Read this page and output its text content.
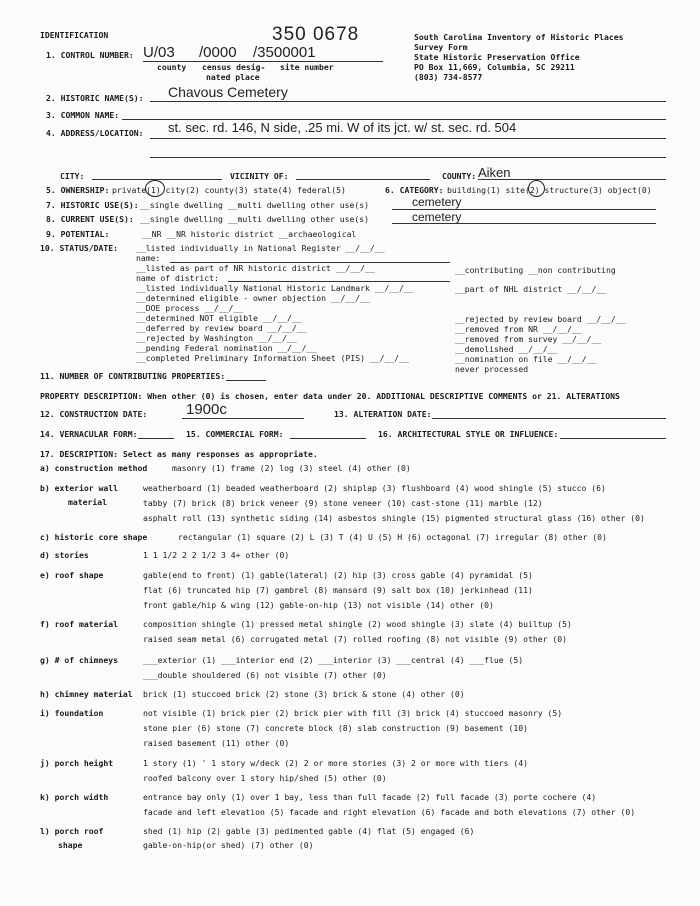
IDENTIFICATION	350 0678	South Carolina Inventory of Historic Places
Survey Form
State Historic Preservation Office
PO Box 11,669, Columbia, SC 29211
(803) 734-8577
1. CONTROL NUMBER: U/03 /0000 /3500001
county census desig-
nated place
site number
2. HISTORIC NAME(S): Chavous Cemetery
3. COMMON NAME:
4. ADDRESS/LOCATION: st. sec. rd. 146, N side, .25 mi. W of its jct. w/ st. sec. rd. 504
CITY:	VICINITY OF:	COUNTY: Aiken
5. OWNERSHIP: private(1) city(2) county(3) state(4) federal(5)	6. CATEGORY: building(1) site(2) structure(3) object(0)
7. HISTORIC USE(S): __single dwelling __multi dwelling other use(s)	cemetery
8. CURRENT USE(S): __single dwelling __multi dwelling other use(s)	cemetery
9. POTENTIAL:	__NR __NR historic district __archaeological
10. STATUS/DATE: __listed individually in National Register __/__/__
name:
__listed as part of NR historic district __/__/__
name of district:
__listed individually National Historic Landmark __/__/__
__determined eligible - owner objection __/__/__
__DOE process __/__/__
__determined NOT eligible __/__/__
__deferred by review board __/__/__
__rejected by Washington __/__/__
__pending Federal nomination __/__/__
__completed Preliminary Information Sheet (PIS) __/__/__
__contributing __non contributing
__part of NHL district __/__/__
__rejected by review board __/__/__
__removed from NR __/__/__
__removed from survey __/__/__
__demolished __/__/__
__nomination on file __/__/__
never processed
11. NUMBER OF CONTRIBUTING PROPERTIES:
PROPERTY DESCRIPTION: When other (0) is chosen, enter data under 20. ADDITIONAL DESCRIPTIVE COMMENTS or 21. ALTERATIONS
12. CONSTRUCTION DATE:	1900c	13. ALTERATION DATE:
14. VERNACULAR FORM:	15. COMMERCIAL FORM:	16. ARCHITECTURAL STYLE OR INFLUENCE:
17. DESCRIPTION: Select as many responses as appropriate.
a) construction method	masonry (1) frame (2) log (3) steel (4) other (0)
b) exterior wall
material
weatherboard (1) beaded weatherboard (2) shiplap (3) flushboard (4) wood shingle (5) stucco (6)
tabby (7) brick (8) brick veneer (9) stone veneer (10) cast-stone (11) marble (12)
asphalt roll (13) synthetic siding (14) asbestos shingle (15) pigmented structural glass (16) other (0)
c) historic core shape	rectangular (1) square (2) L (3) T (4) U (5) H (6) octagonal (7) irregular (8) other (0)
d) stories	1 1 1/2 2 2 1/2 3 4+ other (0)
e) roof shape	gable(end to front) (1) gable(lateral) (2) hip (3) cross gable (4) pyramidal (5)
flat (6) truncated hip (7) gambrel (8) mansard (9) salt box (10) jerkinhead (11)
front gable/hip & wing (12) gable-on-hip (13) not visible (14) other (0)
f) roof material	composition shingle (1) pressed metal shingle (2) wood shingle (3) slate (4) builtup (5)
raised seam metal (6) corrugated metal (7) rolled roofing (8) not visible (9) other (0)
g) # of chimneys	___exterior (1) ___interior end (2) ___interior (3) ___central (4) ___flue (5)
___double shouldered (6) not visible (7) other (0)
h) chimney material brick (1) stuccoed brick (2) stone (3) brick & stone (4) other (0)
i) foundation	not visible (1) brick pier (2) brick pier with fill (3) brick (4) stuccoed masonry (5)
stone pier (6) stone (7) concrete block (8) slab construction (9) basement (10)
raised basement (11) other (0)
j) porch height	1 story (1) ' 1 story w/deck (2) 2 or more stories (3) 2 or more with tiers (4)
roofed balcony over 1 story hip/shed (5) other (0)
k) porch width	entrance bay only (1) over 1 bay, less than full facade (2) full facade (3) porte cochere (4)
facade and left elevation (5) facade and right elevation (6) facade and both elevations (7) other (0)
l) porch roof
shape
shed (1) hip (2) gable (3) pedimented gable (4) flat (5) engaged (6)
gable-on-hip(or shed) (7) other (0)
